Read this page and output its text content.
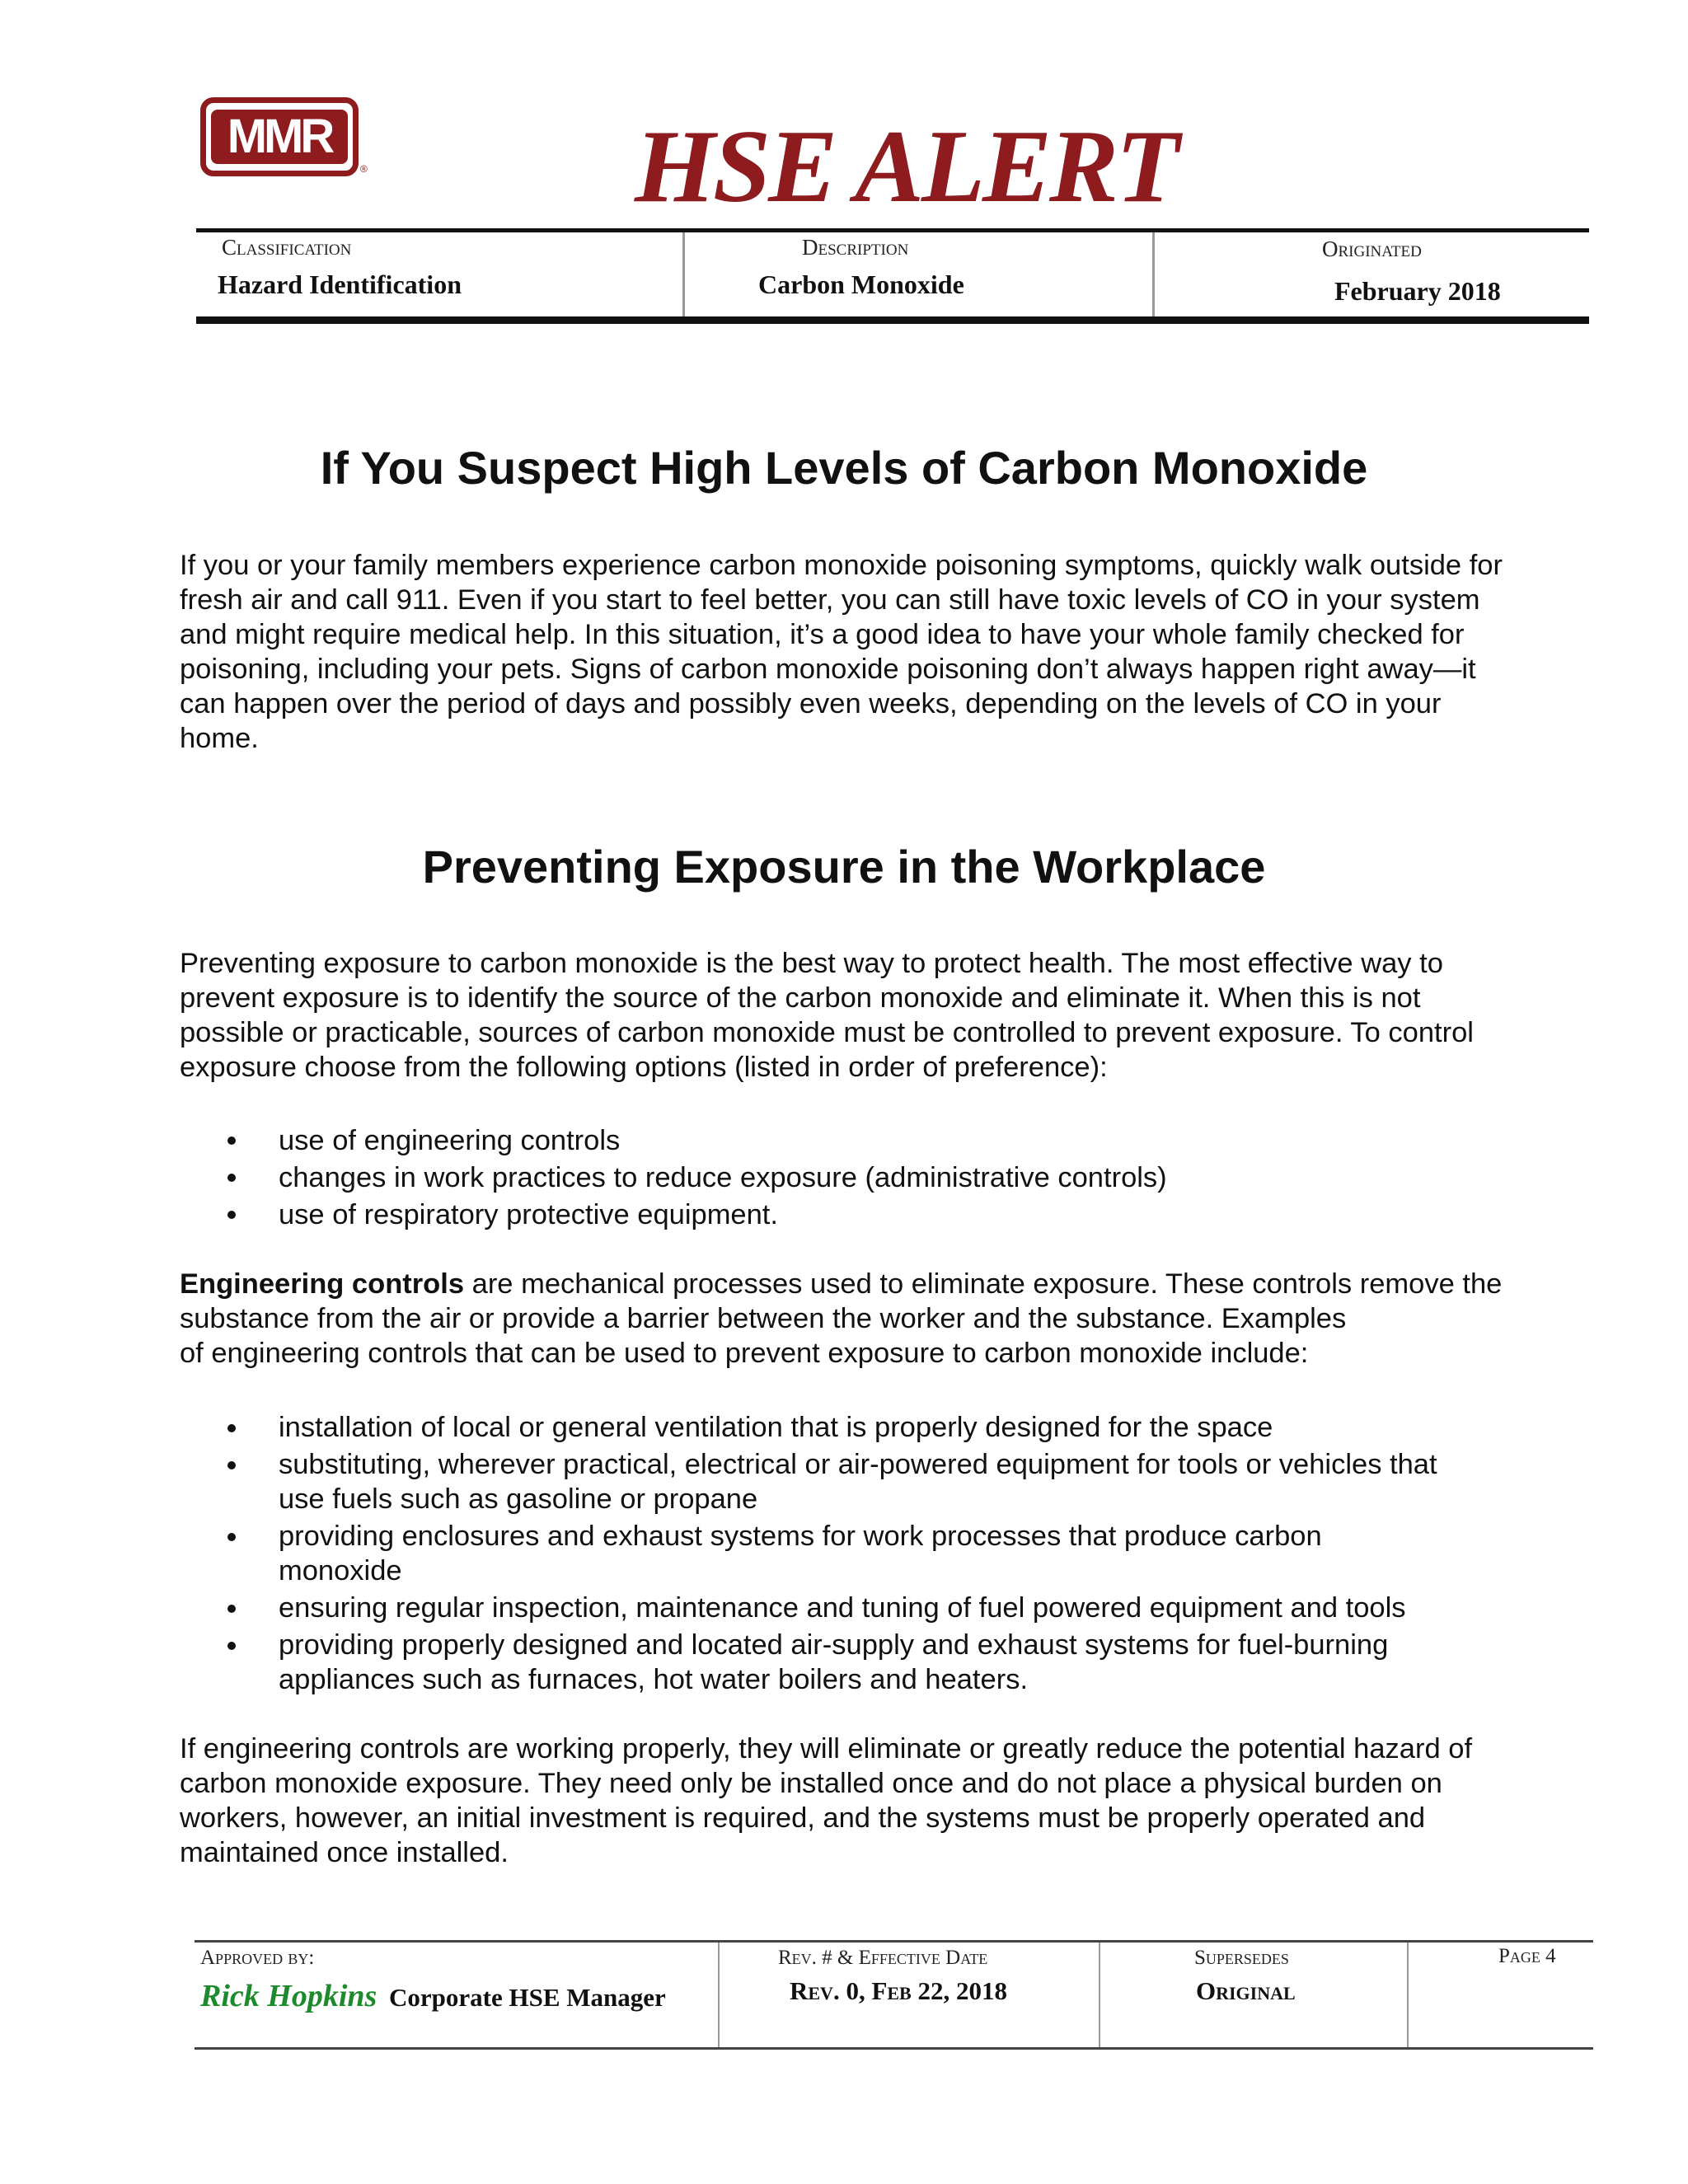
MMR
®	HSE ALERT
Classification
Hazard Identification
Description
Carbon Monoxide
Originated
February 2018
If You Suspect High Levels of Carbon Monoxide
If you or your family members experience carbon monoxide poisoning symptoms, quickly walk outside for
fresh air and call 911. Even if you start to feel better, you can still have toxic levels of CO in your system
and might require medical help. In this situation, it’s a good idea to have your whole family checked for
poisoning, including your pets. Signs of carbon monoxide poisoning don’t always happen right away—it
can happen over the period of days and possibly even weeks, depending on the levels of CO in your
home.
Preventing Exposure in the Workplace
Preventing exposure to carbon monoxide is the best way to protect health. The most effective way to
prevent exposure is to identify the source of the carbon monoxide and eliminate it. When this is not
possible or practicable, sources of carbon monoxide must be controlled to prevent exposure. To control
exposure choose from the following options (listed in order of preference):
use of engineering controls
changes in work practices to reduce exposure (administrative controls)
use of respiratory protective equipment.
Engineering controls are mechanical processes used to eliminate exposure. These controls remove the
substance from the air or provide a barrier between the worker and the substance. Examples
of engineering controls that can be used to prevent exposure to carbon monoxide include:
installation of local or general ventilation that is properly designed for the space
substituting, wherever practical, electrical or air-powered equipment for tools or vehicles that
use fuels such as gasoline or propane
providing enclosures and exhaust systems for work processes that produce carbon
monoxide
ensuring regular inspection, maintenance and tuning of fuel powered equipment and tools
providing properly designed and located air-supply and exhaust systems for fuel-burning
appliances such as furnaces, hot water boilers and heaters.
If engineering controls are working properly, they will eliminate or greatly reduce the potential hazard of
carbon monoxide exposure. They need only be installed once and do not place a physical burden on
workers, however, an initial investment is required, and the systems must be properly operated and
maintained once installed.
Approved by:
Rick Hopkins Corporate HSE Manager
Rev. # & Effective Date
Rev. 0, Feb 22, 2018
Supersedes
Original
Page 4
